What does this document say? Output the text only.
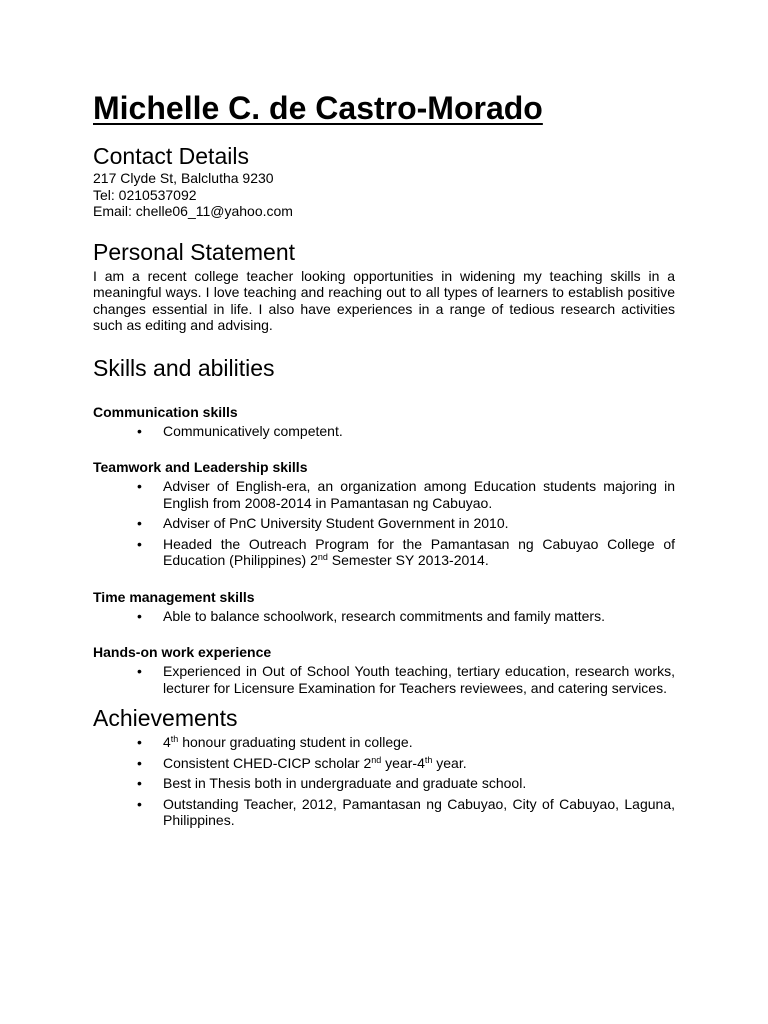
Michelle C. de Castro-Morado
Contact Details
217 Clyde St, Balclutha 9230
Tel: 0210537092
Email: chelle06_11@yahoo.com
Personal Statement

I am a recent college teacher looking opportunities in widening my teaching skills in a meaningful ways. I love teaching and reaching out to all types of learners to establish positive changes essential in life. I also have experiences in a range of tedious research activities such as editing and advising.

Skills and abilities
Communication skills
• Communicatively competent.
Teamwork and Leadership skills
• Adviser of English-era, an organization among Education students majoring in English from 2008-2014 in Pamantasan ng Cabuyao.
• Adviser of PnC University Student Government in 2010.
• Headed the Outreach Program for the Pamantasan ng Cabuyao College of Education (Philippines) 2nd Semester SY 2013-2014.
Time management skills
• Able to balance schoolwork, research commitments and family matters.
Hands-on work experience
• Experienced in Out of School Youth teaching, tertiary education, research works, lecturer for Licensure Examination for Teachers reviewees, and catering services.
Achievements
• 4th honour graduating student in college.
• Consistent CHED-CICP scholar 2nd year-4th year.
• Best in Thesis both in undergraduate and graduate school.
• Outstanding Teacher, 2012, Pamantasan ng Cabuyao, City of Cabuyao, Laguna, Philippines.
